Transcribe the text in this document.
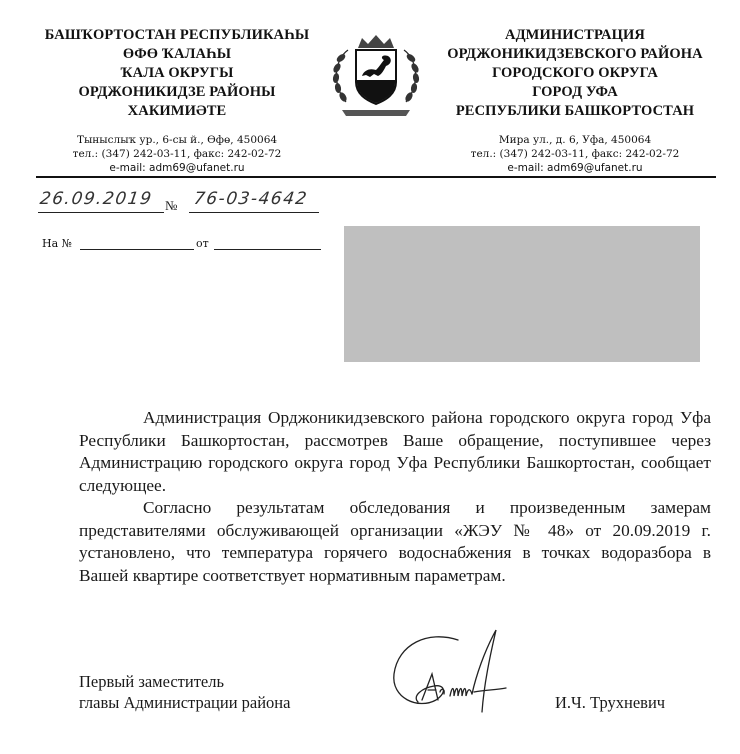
БАШҠОРТОСТАН РЕСПУБЛИКАҺЫ
ӨФӨ ҠАЛАҺЫ
ҠАЛА ОКРУГЫ
ОРДЖОНИКИДЗЕ РАЙОНЫ
ХАКИМИӘТЕ
Тыныслыҡ ур., 6-сы й., Өфө, 450064
тел.: (347) 242-03-11, факс: 242-02-72
e-mail: adm69@ufanet.ru
АДМИНИСТРАЦИЯ
ОРДЖОНИКИДЗЕВСКОГО РАЙОНА
ГОРОДСКОГО ОКРУГА
ГОРОД УФА
РЕСПУБЛИКИ БАШКОРТОСТАН
Мира ул., д. 6, Уфа, 450064
тел.: (347) 242-03-11, факс: 242-02-72
e-mail: adm69@ufanet.ru
26.09.2019 № 76-03-4642
На №	от

Администрация Орджоникидзевского района городского округа город Уфа Республики Башкортостан, рассмотрев Ваше обращение, поступившее через Администрацию городского округа город Уфа Республики Башкортостан, сообщает следующее.

Согласно результатам обследования и произведенным замерам представителями обслуживающей организации «ЖЭУ № 48» от 20.09.2019 г. установлено, что температура горячего водоснабжения в точках водоразбора в Вашей квартире соответствует нормативным параметрам.

Первый заместитель
главы Администрации района	И.Ч. Трухневич
